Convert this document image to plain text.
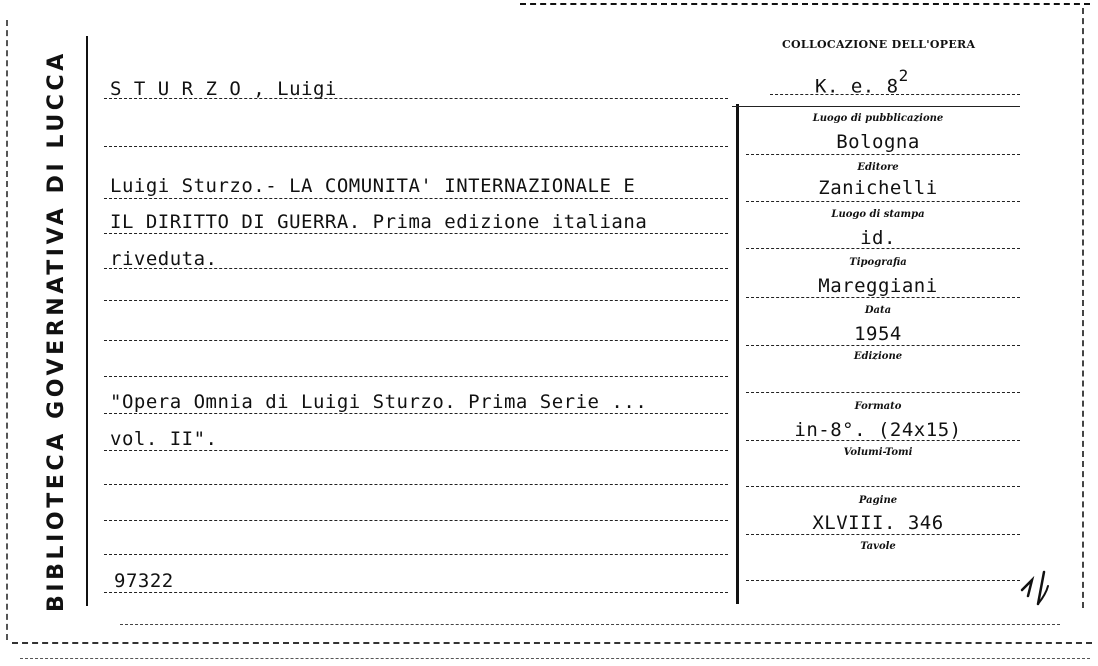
BIBLIOTECA GOVERNATIVA DI LUCCA
COLLOCAZIONE DELL'OPERA
K. e. $8^2$
S T U R Z O , Luigi
Luigi Sturzo.- LA COMUNITA' INTERNAZIONALE E
IL DIRITTO DI GUERRA. Prima edizione italiana
riveduta.
"Opera Omnia di Luigi Sturzo. Prima Serie ...
vol. II".
97322
Luogo di pubblicazione
Bologna
Editore
Zanichelli
Luogo di stampa
id.
Tipografia
Mareggiani
Data
1954
Edizione
Formato
in-8°. (24x15)
Volumi-Tomi
Pagine
XLVIII. 346
Tavole
